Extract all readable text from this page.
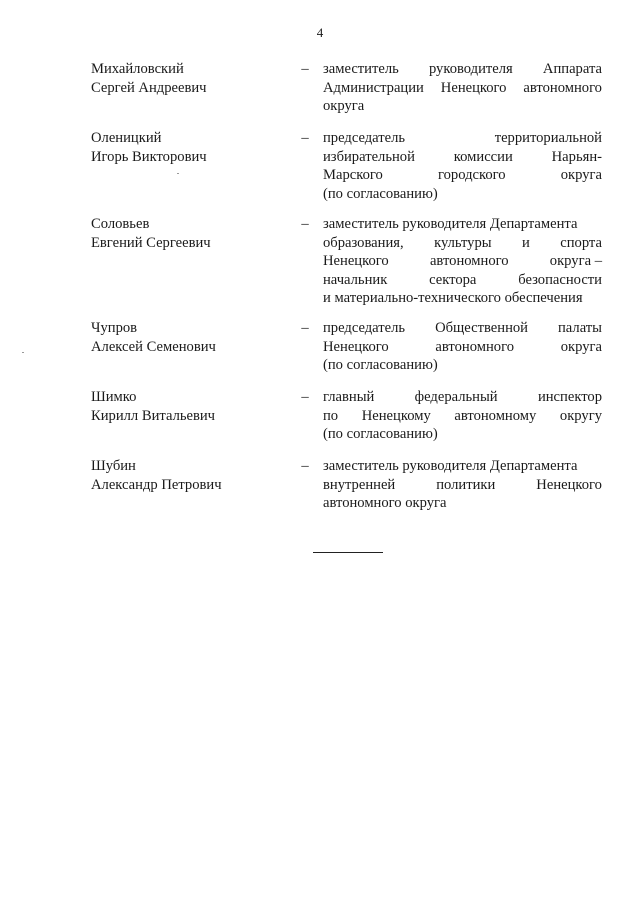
4
Михайловский
Сергей Андреевич
– заместитель руководителя Аппарата
Администрации Ненецкого автономного
округа
Оленицкий
Игорь Викторович
– председатель	территориальной
избирательной	комиссии	Нарьян-
Марского	городского	округа
(по согласованию)
Соловьев
Евгений Сергеевич
– заместитель руководителя Департамента
образования, культуры и спорта
Ненецкого	автономного	округа –
начальник	сектора	безопасности
и материально-технического обеспечения
Чупров
Алексей Семенович
– председатель Общественной палаты
Ненецкого	автономного	округа
(по согласованию)
Шимко
Кирилл Витальевич
– главный	федеральный	инспектор
по Ненецкому автономному округу
(по согласованию)
Шубин
Александр Петрович
– заместитель руководителя Департамента
внутренней	политики	Ненецкого
автономного округа
